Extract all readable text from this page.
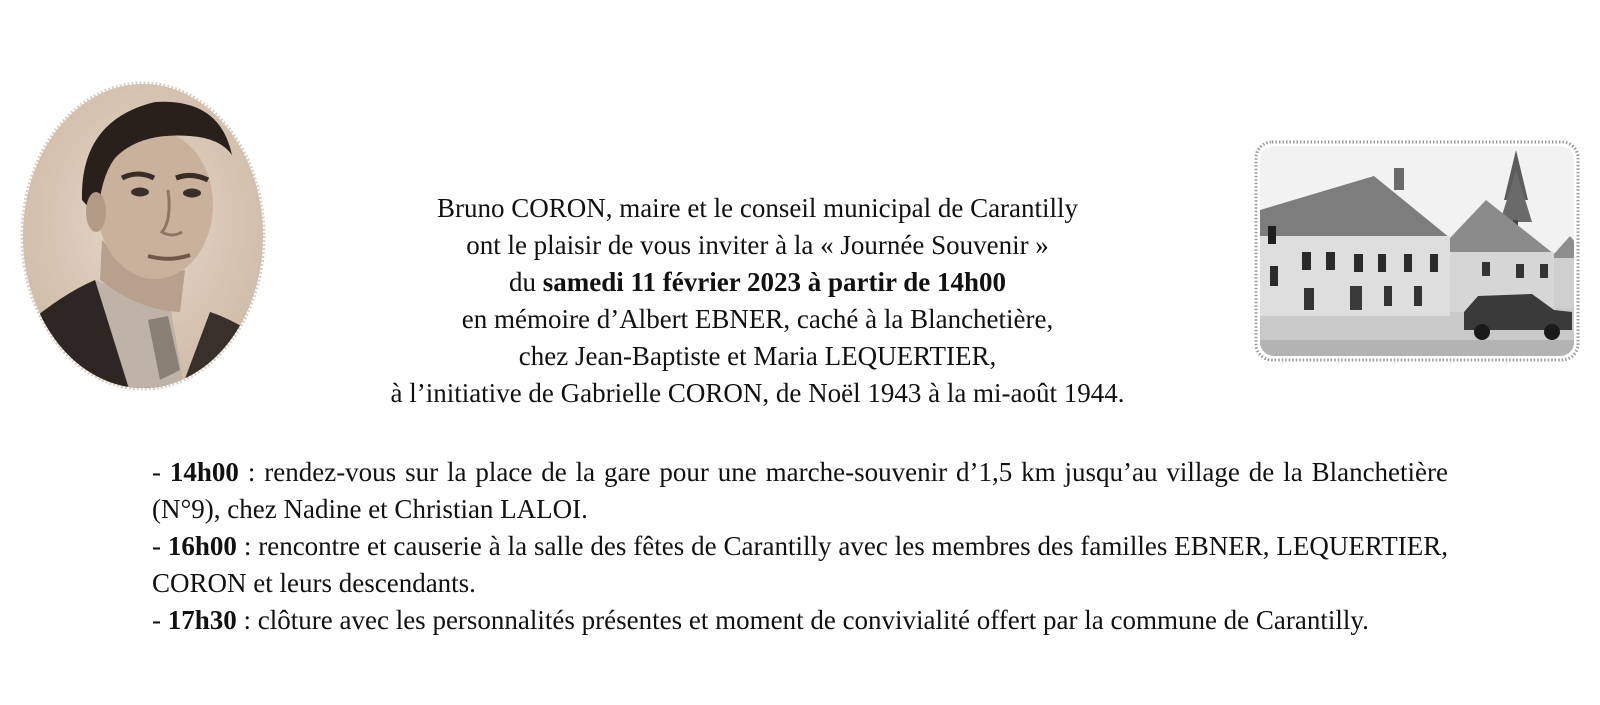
Bruno CORON, maire et le conseil municipal de Carantilly
ont le plaisir de vous inviter à la « Journée Souvenir »
du samedi 11 février 2023 à partir de 14h00
en mémoire d’Albert EBNER, caché à la Blanchetière,
chez Jean-Baptiste et Maria LEQUERTIER,
à l’initiative de Gabrielle CORON, de Noël 1943 à la mi-août 1944.

- 14h00 : rendez-vous sur la place de la gare pour une marche-souvenir d’1,5 km jusqu’au village de la Blanchetière (N°9), chez Nadine et Christian LALOI.

- 16h00 : rencontre et causerie à la salle des fêtes de Carantilly avec les membres des familles EBNER, LEQUERTIER, CORON et leurs descendants.

- 17h30 : clôture avec les personnalités présentes et moment de convivialité offert par la commune de Carantilly.
